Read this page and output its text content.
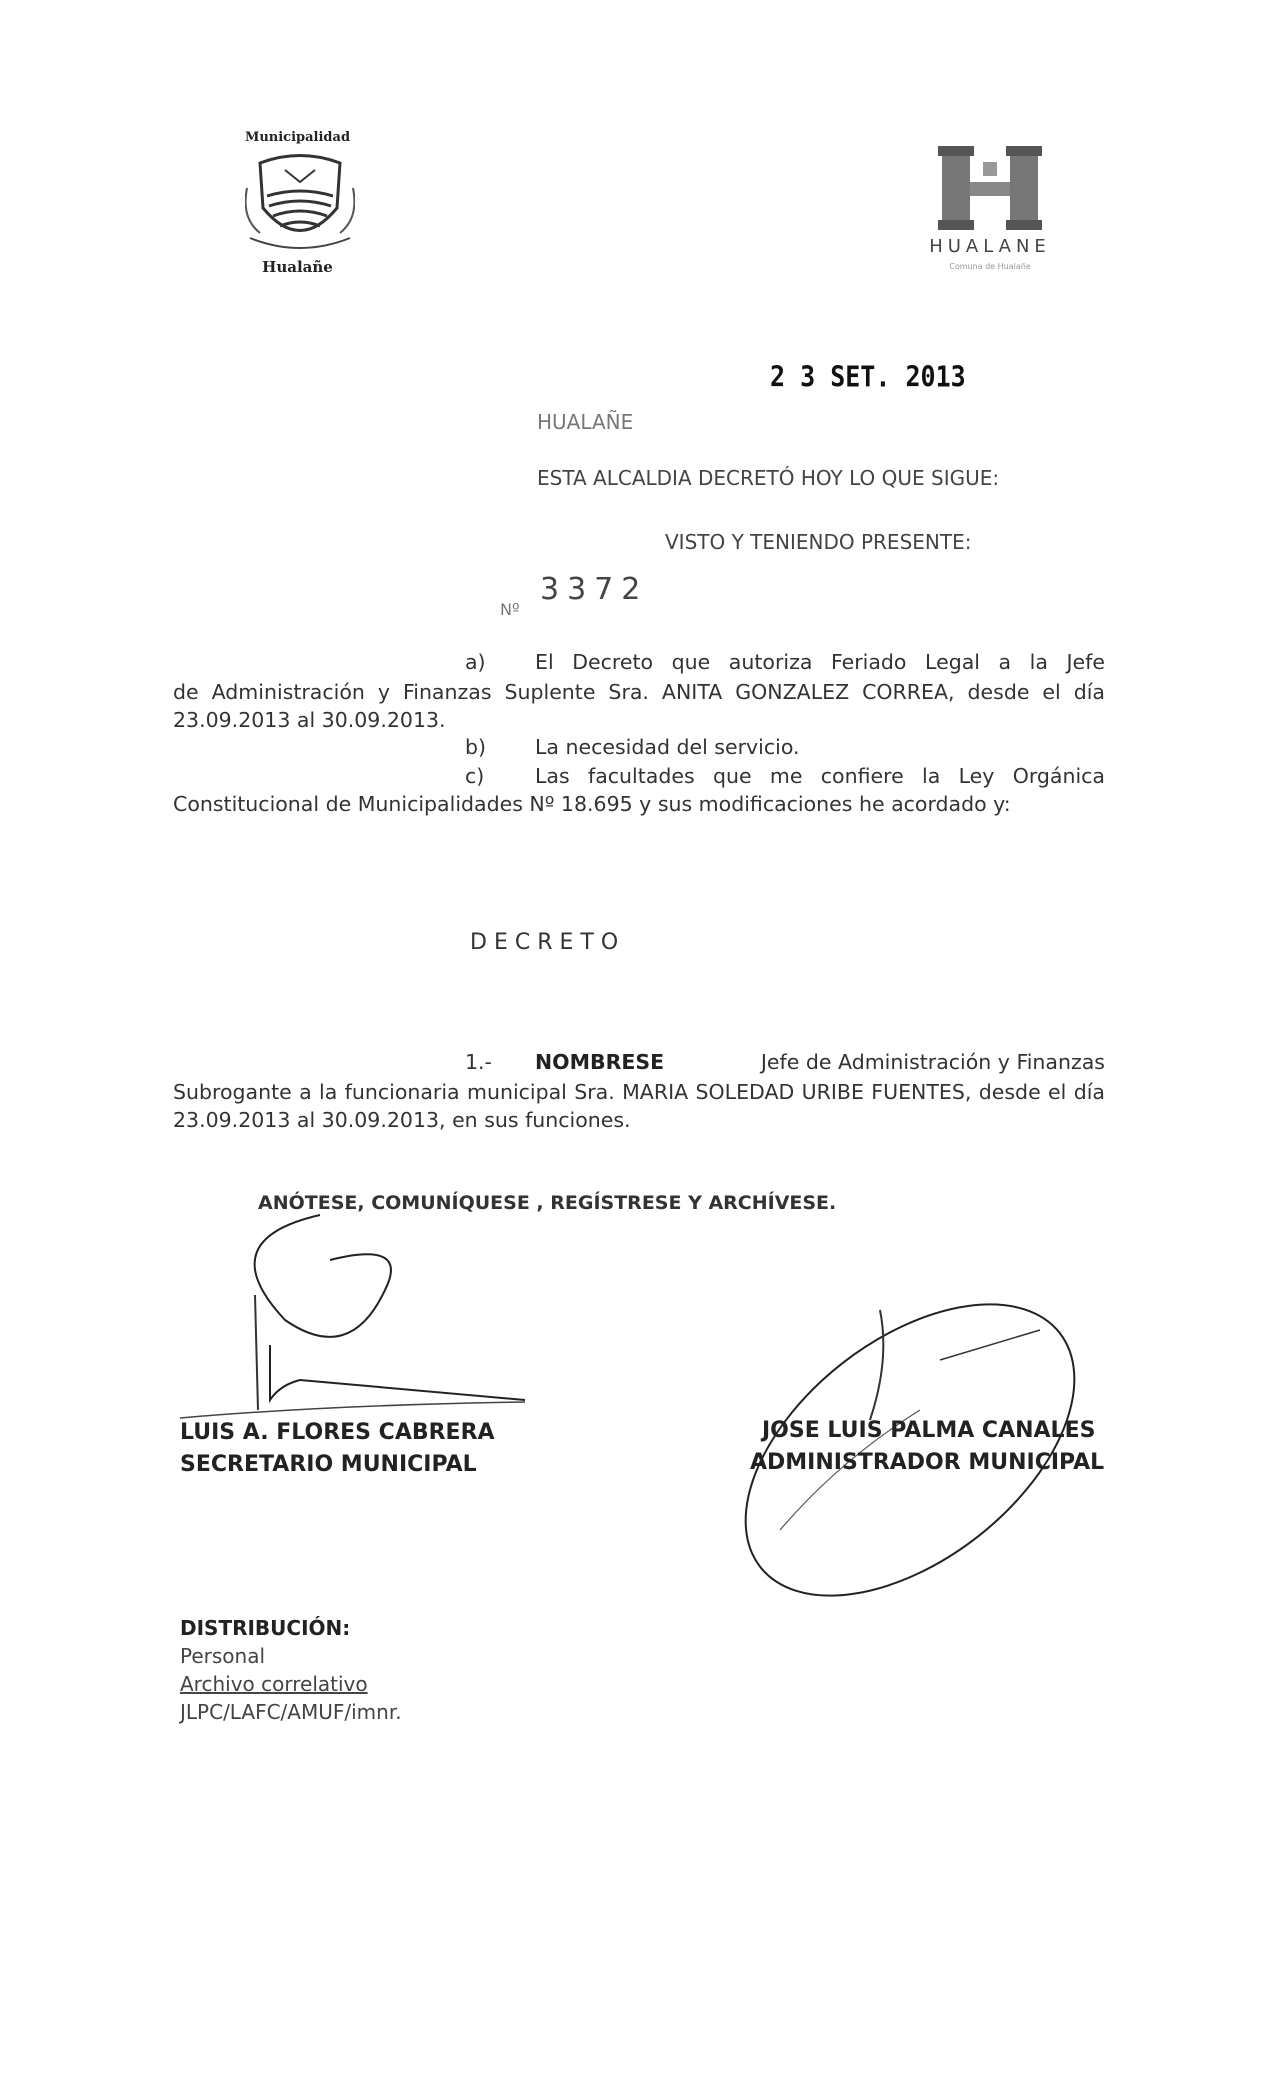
Municipalidad
Hualañe
HUALANE
Comuna de Hualañe
2 3 SET. 2013
HUALAÑE
ESTA ALCALDIA DECRETÓ HOY LO QUE SIGUE:
VISTO Y TENIENDO PRESENTE:
Nº
3372
a) El Decreto que autoriza Feriado Legal a la Jefe
de Administración y Finanzas Suplente Sra. ANITA GONZALEZ CORREA, desde el día 23.09.2013 al 30.09.2013.
b) La necesidad del servicio.
c) Las facultades que me confiere la Ley Orgánica
Constitucional de Municipalidades Nº 18.695 y sus modificaciones he acordado y:
DECRETO
1.- NOMBRESE	Jefe de Administración y Finanzas
Subrogante a la funcionaria municipal Sra. MARIA SOLEDAD URIBE FUENTES, desde el día 23.09.2013 al 30.09.2013, en sus funciones.
ANÓTESE, COMUNÍQUESE , REGÍSTRESE Y ARCHÍVESE.
LUIS A. FLORES CABRERA
SECRETARIO MUNICIPAL
JOSE LUIS PALMA CANALES
ADMINISTRADOR MUNICIPAL
DISTRIBUCIÓN:
Personal
Archivo correlativo
JLPC/LAFC/AMUF/imnr.
